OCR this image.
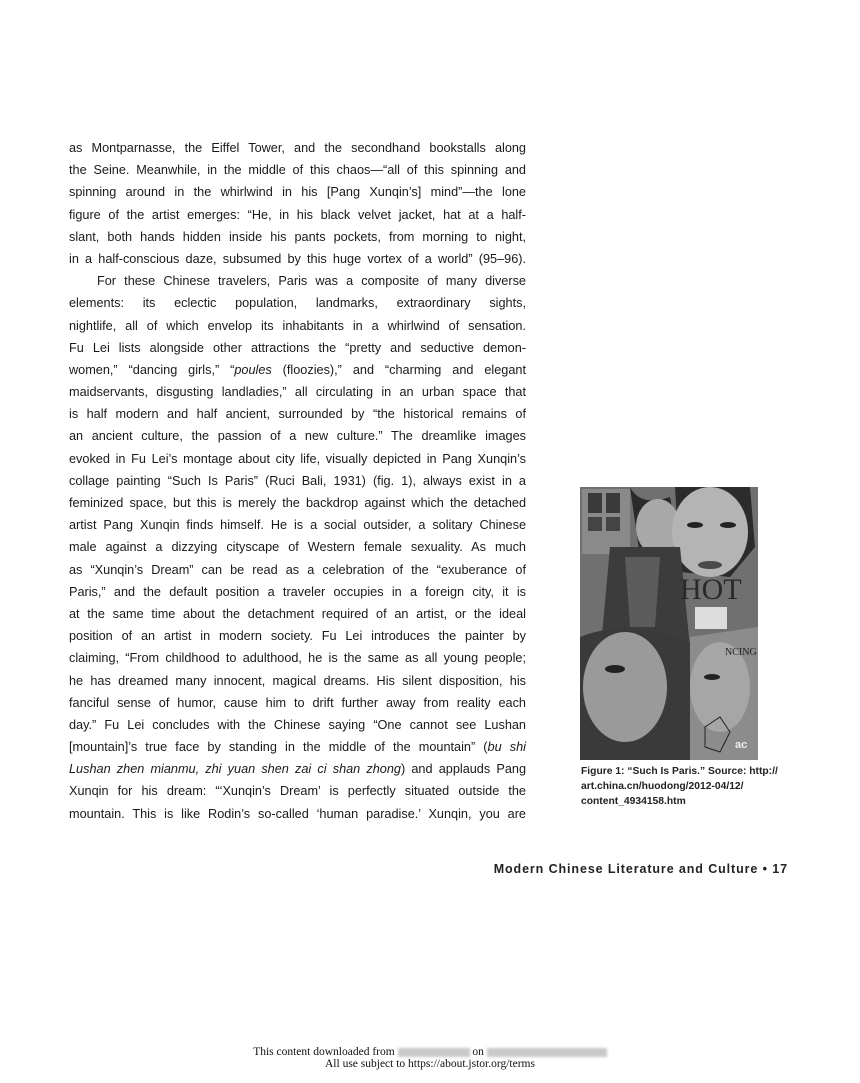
as Montparnasse, the Eiffel Tower, and the secondhand bookstalls along
the Seine. Meanwhile, in the middle of this chaos—“all of this spinning and
spinning around in the whirlwind in his [Pang Xunqin’s] mind”—the lone
figure of the artist emerges: “He, in his black velvet jacket, hat at a half-
slant, both hands hidden inside his pants pockets, from morning to night,
in a half-conscious daze, subsumed by this huge vortex of a world” (95–96).
For these Chinese travelers, Paris was a composite of many diverse
elements: its eclectic population, landmarks, extraordinary sights,
nightlife, all of which envelop its inhabitants in a whirlwind of sensation.
Fu Lei lists alongside other attractions the “pretty and seductive demon-
women,” “dancing girls,” “poules (floozies),” and “charming and elegant
maidservants, disgusting landladies,” all circulating in an urban space that
is half modern and half ancient, surrounded by “the historical remains of
an ancient culture, the passion of a new culture.” The dreamlike images
evoked in Fu Lei’s montage about city life, visually depicted in Pang Xunqin’s
collage painting “Such Is Paris” (Ruci Bali, 1931) (fig. 1), always exist in a
feminized space, but this is merely the backdrop against which the detached
artist Pang Xunqin finds himself. He is a social outsider, a solitary Chinese
male against a dizzying cityscape of Western female sexuality. As much
as “Xunqin’s Dream” can be read as a celebration of the “exuberance of
Paris,” and the default position a traveler occupies in a foreign city, it is
at the same time about the detachment required of an artist, or the ideal
position of an artist in modern society. Fu Lei introduces the painter by
claiming, “From childhood to adulthood, he is the same as all young people;
he has dreamed many innocent, magical dreams. His silent disposition, his
fanciful sense of humor, cause him to drift further away from reality each
day.” Fu Lei concludes with the Chinese saying “One cannot see Lushan
[mountain]’s true face by standing in the middle of the mountain” (bu shi
Lushan zhen mianmu, zhi yuan shen zai ci shan zhong) and applauds Pang
Xunqin for his dream: “‘Xunqin’s Dream’ is perfectly situated outside the
mountain. This is like Rodin’s so-called ‘human paradise.’ Xunqin, you are
HOT
NCING
ac
Figure 1: “Such Is Paris.” Source: http://
art.china.cn/huodong/2012-04/12/
content_4934158.htm
Modern Chinese Literature and Culture • 17
This content downloaded from	on
All use subject to https://about.jstor.org/terms
